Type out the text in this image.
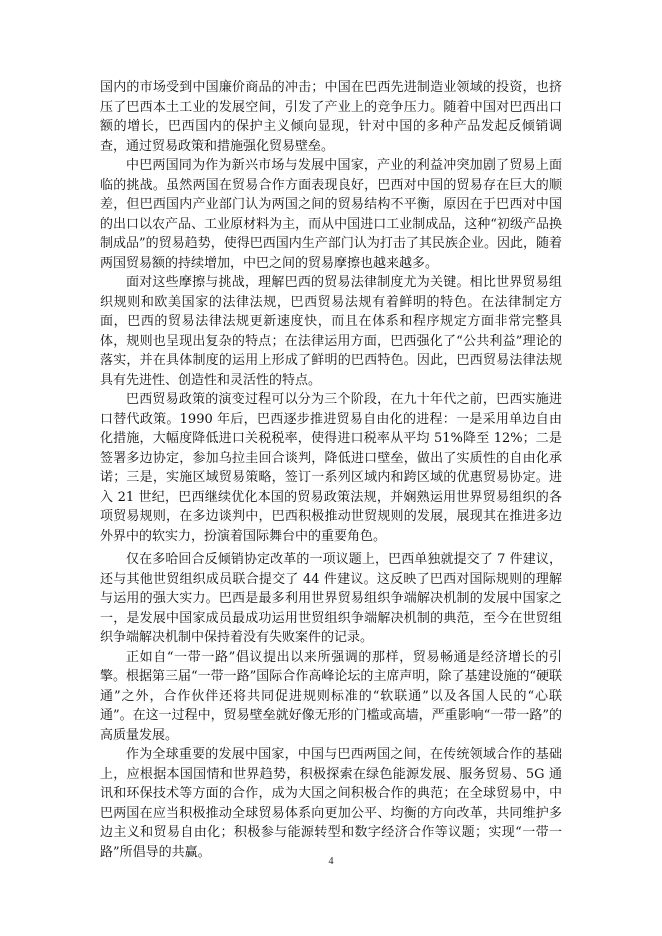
国内的市场受到中国廉价商品的冲击；中国在巴西先进制造业领域的投资，也挤压了巴西本土工业的发展空间，引发了产业上的竞争压力。随着中国对巴西出口额的增长，巴西国内的保护主义倾向显现，针对中国的多种产品发起反倾销调查，通过贸易政策和措施强化贸易壁垒。

中巴两国同为作为新兴市场与发展中国家，产业的利益冲突加剧了贸易上面临的挑战。虽然两国在贸易合作方面表现良好，巴西对中国的贸易存在巨大的顺差，但巴西国内产业部门认为两国之间的贸易结构不平衡，原因在于巴西对中国的出口以农产品、工业原材料为主，而从中国进口工业制成品，这种“初级产品换制成品”的贸易趋势，使得巴西国内生产部门认为打击了其民族企业。因此，随着两国贸易额的持续增加，中巴之间的贸易摩擦也越来越多。

面对这些摩擦与挑战，理解巴西的贸易法律制度尤为关键。相比世界贸易组织规则和欧美国家的法律法规，巴西贸易法规有着鲜明的特色。在法律制定方面，巴西的贸易法律法规更新速度快，而且在体系和程序规定方面非常完整具体，规则也呈现出复杂的特点；在法律运用方面，巴西强化了“公共利益”理论的落实，并在具体制度的运用上形成了鲜明的巴西特色。因此，巴西贸易法律法规具有先进性、创造性和灵活性的特点。

巴西贸易政策的演变过程可以分为三个阶段，在九十年代之前，巴西实施进口替代政策。1990 年后，巴西逐步推进贸易自由化的进程：一是采用单边自由化措施，大幅度降低进口关税税率，使得进口税率从平均 51%降至 12%；二是签署多边协定，参加乌拉圭回合谈判，降低进口壁垒，做出了实质性的自由化承诺；三是，实施区域贸易策略，签订一系列区域内和跨区域的优惠贸易协定。进入 21 世纪，巴西继续优化本国的贸易政策法规，并娴熟运用世界贸易组织的各项贸易规则，在多边谈判中，巴西积极推动世贸规则的发展，展现其在推进多边外界中的软实力，扮演着国际舞台中的重要角色。

仅在多哈回合反倾销协定改革的一项议题上，巴西单独就提交了 7 件建议，还与其他世贸组织成员联合提交了 44 件建议。这反映了巴西对国际规则的理解与运用的强大实力。巴西是最多利用世界贸易组织争端解决机制的发展中国家之一，是发展中国家成员最成功运用世贸组织争端解决机制的典范，至今在世贸组织争端解决机制中保持着没有失败案件的记录。

正如自“一带一路”倡议提出以来所强调的那样，贸易畅通是经济增长的引擎。根据第三届“一带一路”国际合作高峰论坛的主席声明，除了基建设施的“硬联通”之外，合作伙伴还将共同促进规则标准的“软联通”以及各国人民的“心联通”。在这一过程中，贸易壁垒就好像无形的门槛或高墙，严重影响“一带一路”的高质量发展。

作为全球重要的发展中国家，中国与巴西两国之间，在传统领域合作的基础上，应根据本国国情和世界趋势，积极探索在绿色能源发展、服务贸易、5G 通讯和环保技术等方面的合作，成为大国之间积极合作的典范；在全球贸易中，中巴两国在应当积极推动全球贸易体系向更加公平、均衡的方向改革，共同维护多边主义和贸易自由化；积极参与能源转型和数字经济合作等议题；实现“一带一路”所倡导的共赢。

4
